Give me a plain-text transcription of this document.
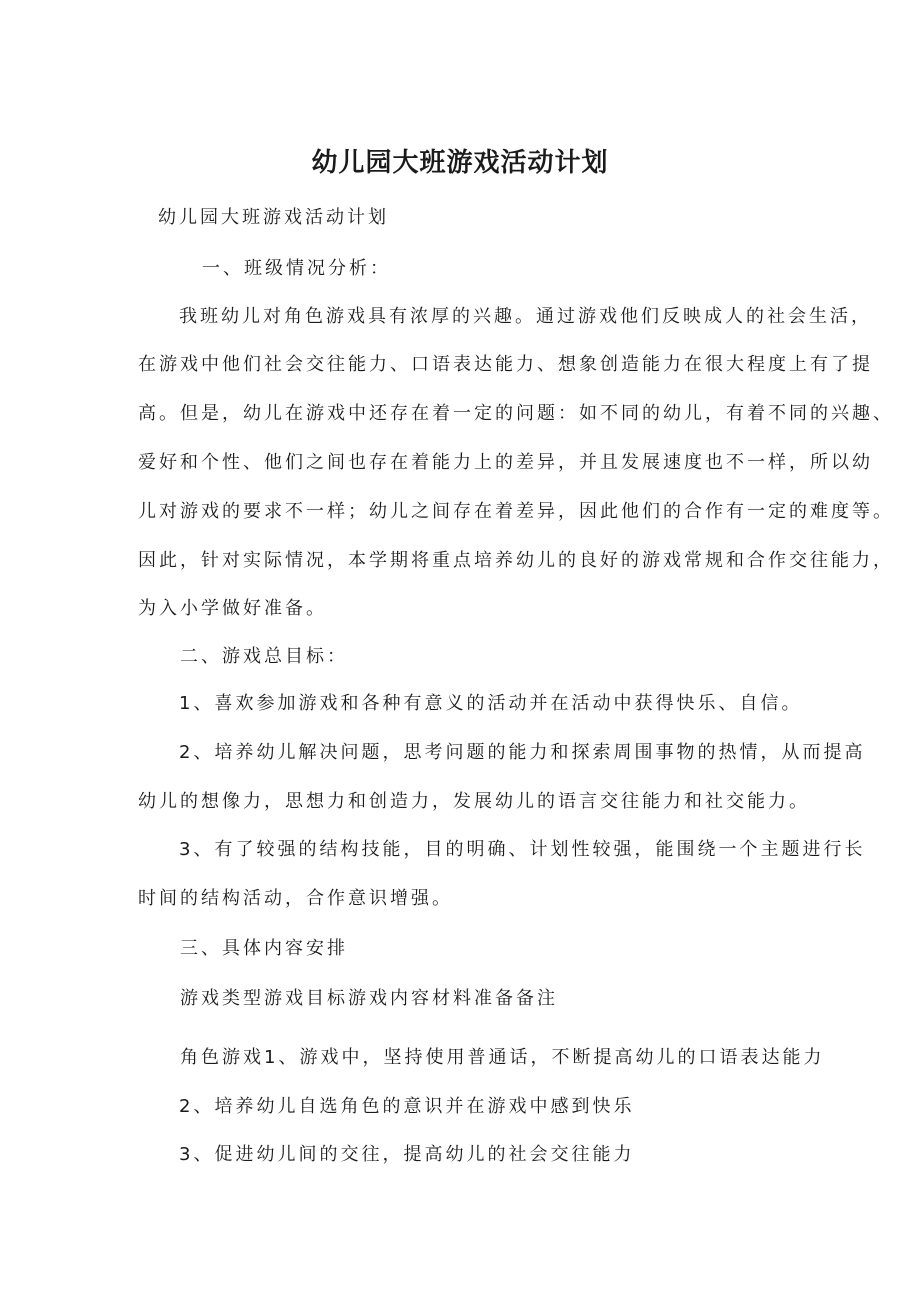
幼儿园大班游戏活动计划
幼儿园大班游戏活动计划
一、班级情况分析：
我班幼儿对角色游戏具有浓厚的兴趣。通过游戏他们反映成人的社会生活，
在游戏中他们社会交往能力、口语表达能力、想象创造能力在很大程度上有了提
高。但是，幼儿在游戏中还存在着一定的问题：如不同的幼儿，有着不同的兴趣、
爱好和个性、他们之间也存在着能力上的差异，并且发展速度也不一样，所以幼
儿对游戏的要求不一样；幼儿之间存在着差异，因此他们的合作有一定的难度等。
因此，针对实际情况，本学期将重点培养幼儿的良好的游戏常规和合作交往能力，
为入小学做好准备。
二、游戏总目标：
1、喜欢参加游戏和各种有意义的活动并在活动中获得快乐、自信。
2、培养幼儿解决问题，思考问题的能力和探索周围事物的热情，从而提高
幼儿的想像力，思想力和创造力，发展幼儿的语言交往能力和社交能力。
3、有了较强的结构技能，目的明确、计划性较强，能围绕一个主题进行长
时间的结构活动，合作意识增强。
三、具体内容安排
游戏类型游戏目标游戏内容材料准备备注
角色游戏1、游戏中，坚持使用普通话，不断提高幼儿的口语表达能力
2、培养幼儿自选角色的意识并在游戏中感到快乐
3、促进幼儿间的交往，提高幼儿的社会交往能力
